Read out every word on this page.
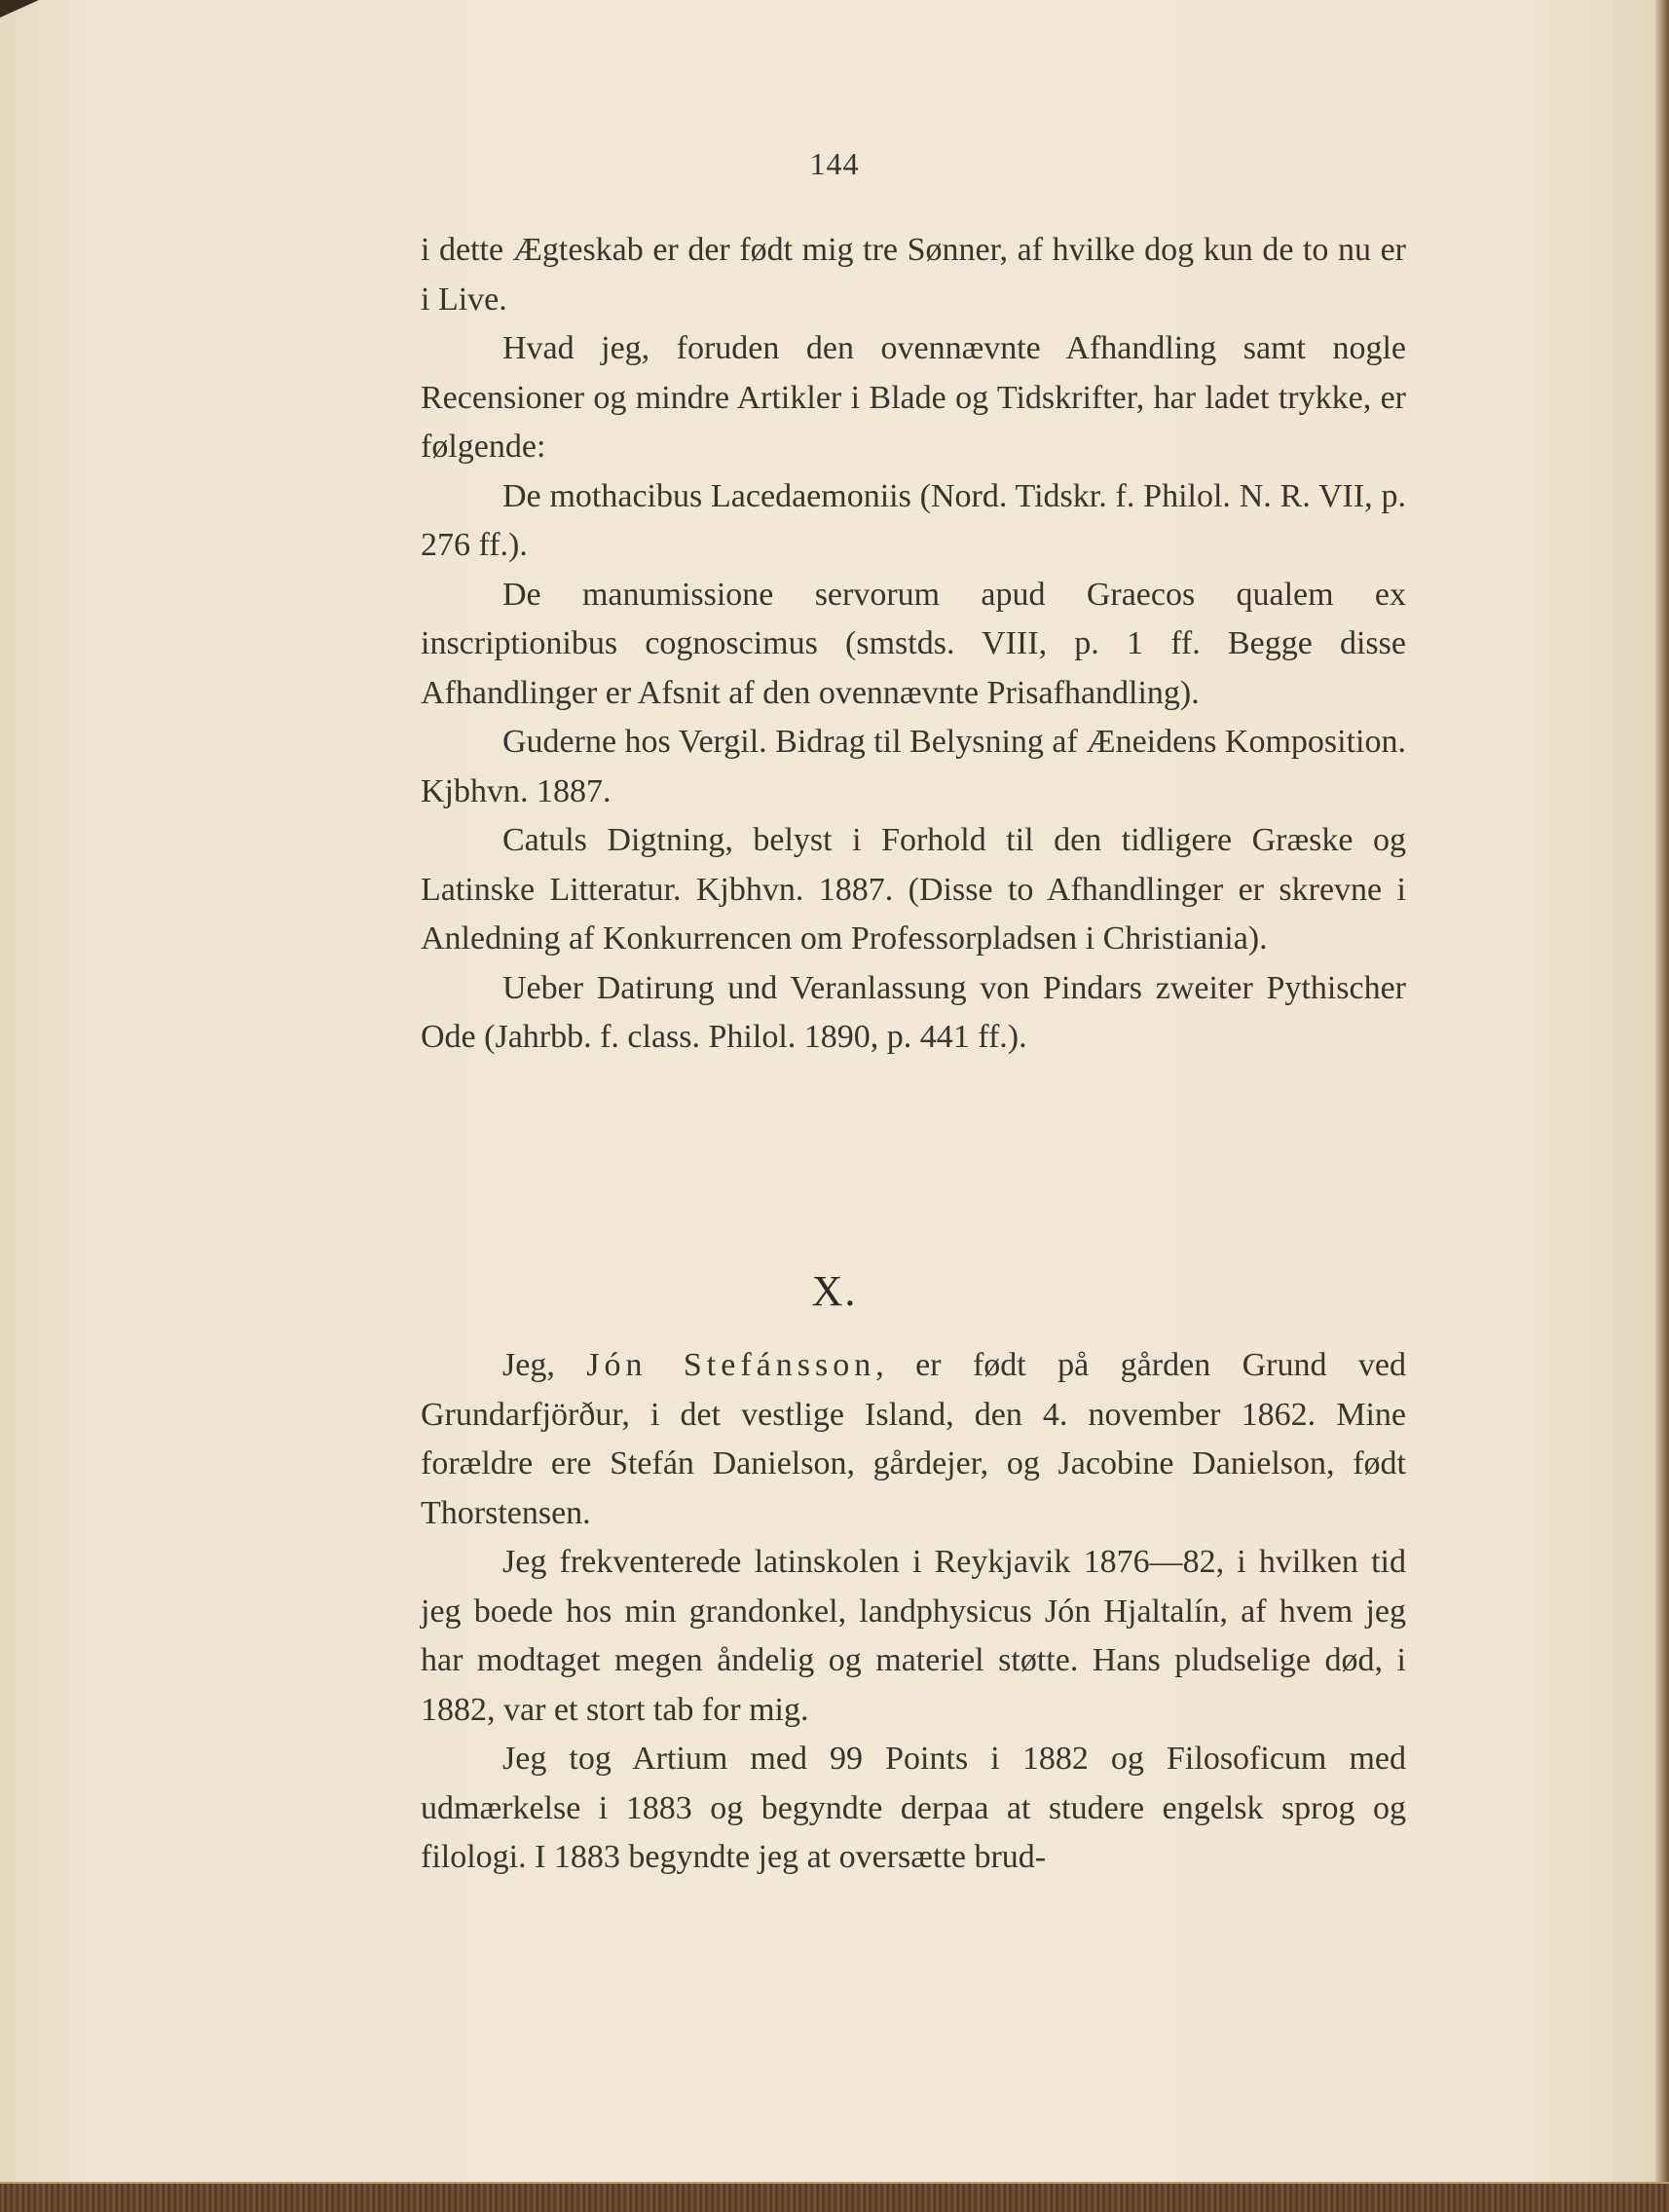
144

i dette Ægteskab er der født mig tre Sønner, af hvilke dog kun de to nu er i Live.

Hvad jeg, foruden den ovennævnte Afhandling samt nogle Recensioner og mindre Artikler i Blade og Tidskrifter, har ladet trykke, er følgende:

De mothacibus Lacedaemoniis (Nord. Tidskr. f. Philol. N. R. VII, p. 276 ff.).

De manumissione servorum apud Graecos qualem ex inscriptionibus cognoscimus (smstds. VIII, p. 1 ff. Begge disse Afhandlinger er Afsnit af den ovennævnte Prisafhandling).

Guderne hos Vergil. Bidrag til Belysning af Æneidens Komposition. Kjbhvn. 1887.

Catuls Digtning, belyst i Forhold til den tidligere Græske og Latinske Litteratur. Kjbhvn. 1887. (Disse to Afhandlinger er skrevne i Anledning af Konkurrencen om Professorpladsen i Christiania).

Ueber Datirung und Veranlassung von Pindars zweiter Pythischer Ode (Jahrbb. f. class. Philol. 1890, p. 441 ff.).

X.

Jeg, Jón Stefánsson, er født på gården Grund ved Grundarfjörður, i det vestlige Island, den 4. november 1862. Mine forældre ere Stefán Danielson, gårdejer, og Jacobine Danielson, født Thorstensen.

Jeg frekventerede latinskolen i Reykjavik 1876—82, i hvilken tid jeg boede hos min grandonkel, landphysicus Jón Hjaltalín, af hvem jeg har modtaget megen åndelig og materiel støtte. Hans pludselige død, i 1882, var et stort tab for mig.

Jeg tog Artium med 99 Points i 1882 og Filosoficum med udmærkelse i 1883 og begyndte derpaa at studere engelsk sprog og filologi. I 1883 begyndte jeg at oversætte brud-
